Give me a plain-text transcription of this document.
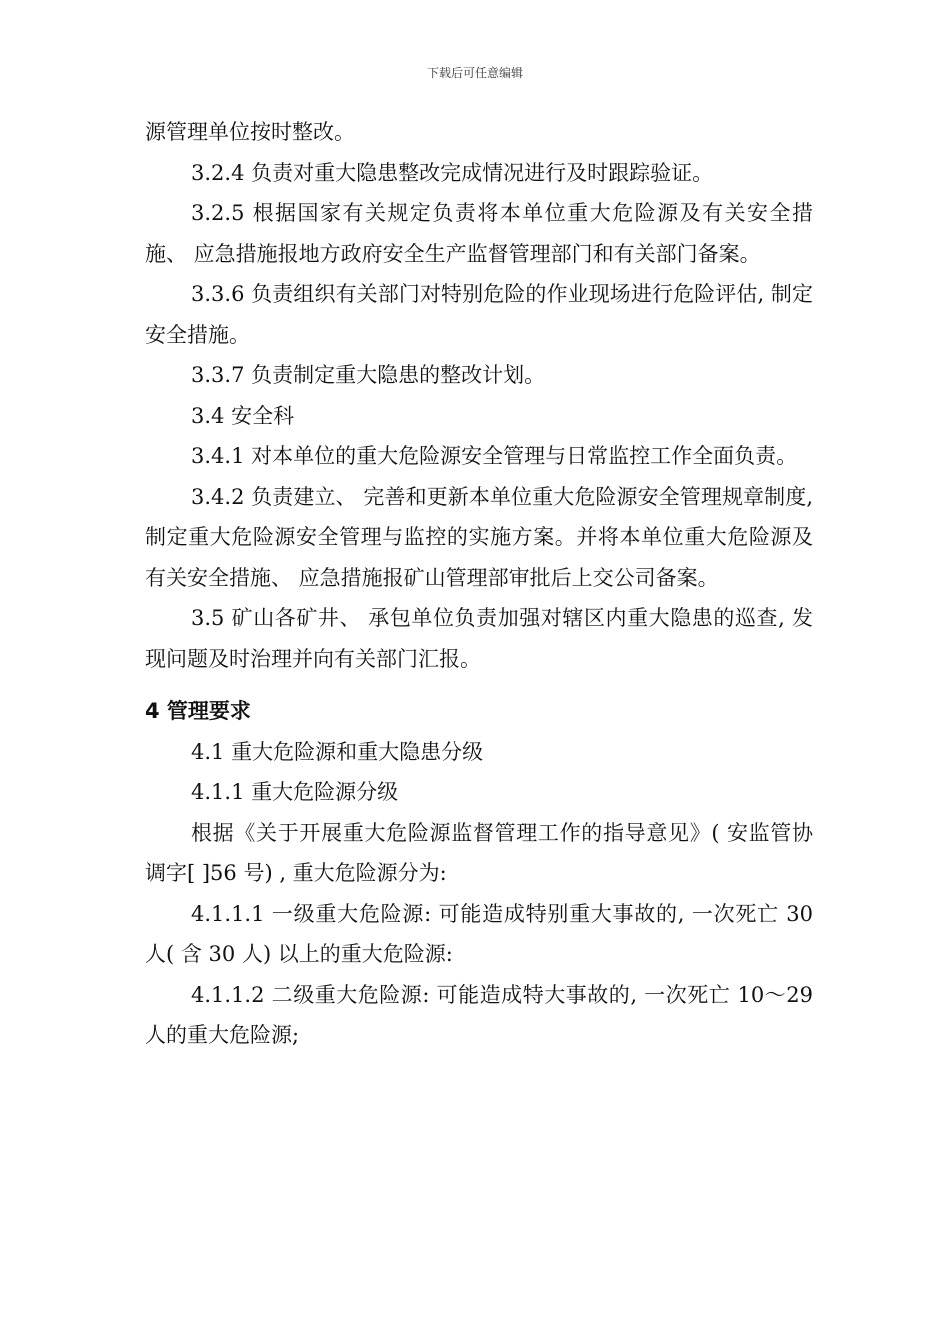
下载后可任意编辑

源管理单位按时整改。

3.2.4 负责对重大隐患整改完成情况进行及时跟踪验证。

3.2.5 根据国家有关规定负责将本单位重大危险源及有关安全措施、 应急措施报地方政府安全生产监督管理部门和有关部门备案。

3.3.6 负责组织有关部门对特别危险的作业现场进行危险评估, 制定安全措施。

3.3.7 负责制定重大隐患的整改计划。

3.4 安全科

3.4.1 对本单位的重大危险源安全管理与日常监控工作全面负责。

3.4.2 负责建立、 完善和更新本单位重大危险源安全管理规章制度, 制定重大危险源安全管理与监控的实施方案。并将本单位重大危险源及有关安全措施、 应急措施报矿山管理部审批后上交公司备案。

3.5 矿山各矿井、 承包单位负责加强对辖区内重大隐患的巡查, 发现问题及时治理并向有关部门汇报。

4 管理要求

4.1 重大危险源和重大隐患分级

4.1.1 重大危险源分级

根据《关于开展重大危险源监督管理工作的指导意见》( 安监管协调字[ ]56 号) , 重大危险源分为:

4.1.1.1 一级重大危险源: 可能造成特别重大事故的, 一次死亡 30 人( 含 30 人) 以上的重大危险源:

4.1.1.2 二级重大危险源: 可能造成特大事故的, 一次死亡 10～29 人的重大危险源;
